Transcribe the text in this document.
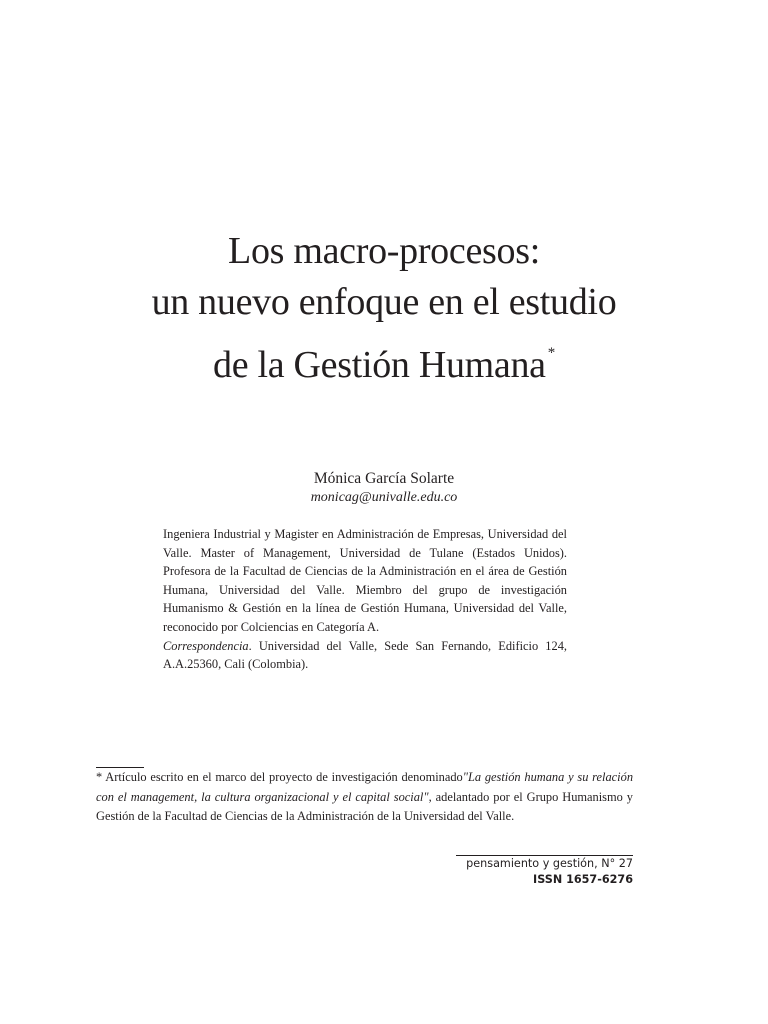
Los macro-procesos:
un nuevo enfoque en el estudio
de la Gestión Humana *
Mónica García Solarte
monicag@univalle.edu.co

Ingeniera Industrial y Magister en Administración de Empresas, Universidad del Valle. Master of Management, Universidad de Tulane (Estados Unidos). Profesora de la Facultad de Ciencias de la Administración en el área de Gestión Humana, Universidad del Valle. Miembro del grupo de investigación Humanismo & Gestión en la línea de Gestión Humana, Universidad del Valle, reconocido por Colciencias en Categoría A.

Correspondencia. Universidad del Valle, Sede San Fernando, Edificio 124, A.A.25360, Cali (Colombia).

* Artículo escrito en el marco del proyecto de investigación denominado"La gestión humana y su relación con el management, la cultura organizacional y el capital social", adelantado por el Grupo Humanismo y Gestión de la Facultad de Ciencias de la Administración de la Universidad del Valle.
pensamiento y gestión, N° 27
ISSN 1657-6276
